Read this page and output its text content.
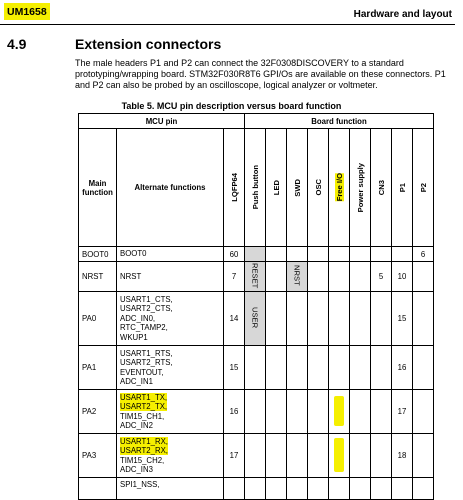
UM1658	Hardware and layout
4.9	Extension connectors
The male headers P1 and P2 can connect the 32F0308DISCOVERY to a standard prototyping/wrapping board. STM32F030R8T6 GPI/Os are available on these connectors. P1 and P2 can also be probed by an oscilloscope, logical analyzer or voltmeter.
Table 5. MCU pin description versus board function
MCU pin			Board function								
Main function	Alternate functions	LQFP64	Push button	LED	SWD	OSC	Free I/O	Power supply	CN3	P1	P2

BOOT0	BOOT0	60									6
NRST	NRST	7	RESET		NRST				5	10	
PA0	USART1_CTS,
USART2_CTS,
ADC_IN0,
RTC_TAMP2,
WKUP1	14	USER							15	
PA1	USART1_RTS,
USART2_RTS,
EVENTOUT,
ADC_IN1	15								16	
PA2	USART1_TX,
USART2_TX,
TIM15_CH1,
ADC_IN2	16								17	
PA3	USART1_RX,
USART2_RX,
TIM15_CH2,
ADC_IN3	17								18	

	SPI1_NSS,										
